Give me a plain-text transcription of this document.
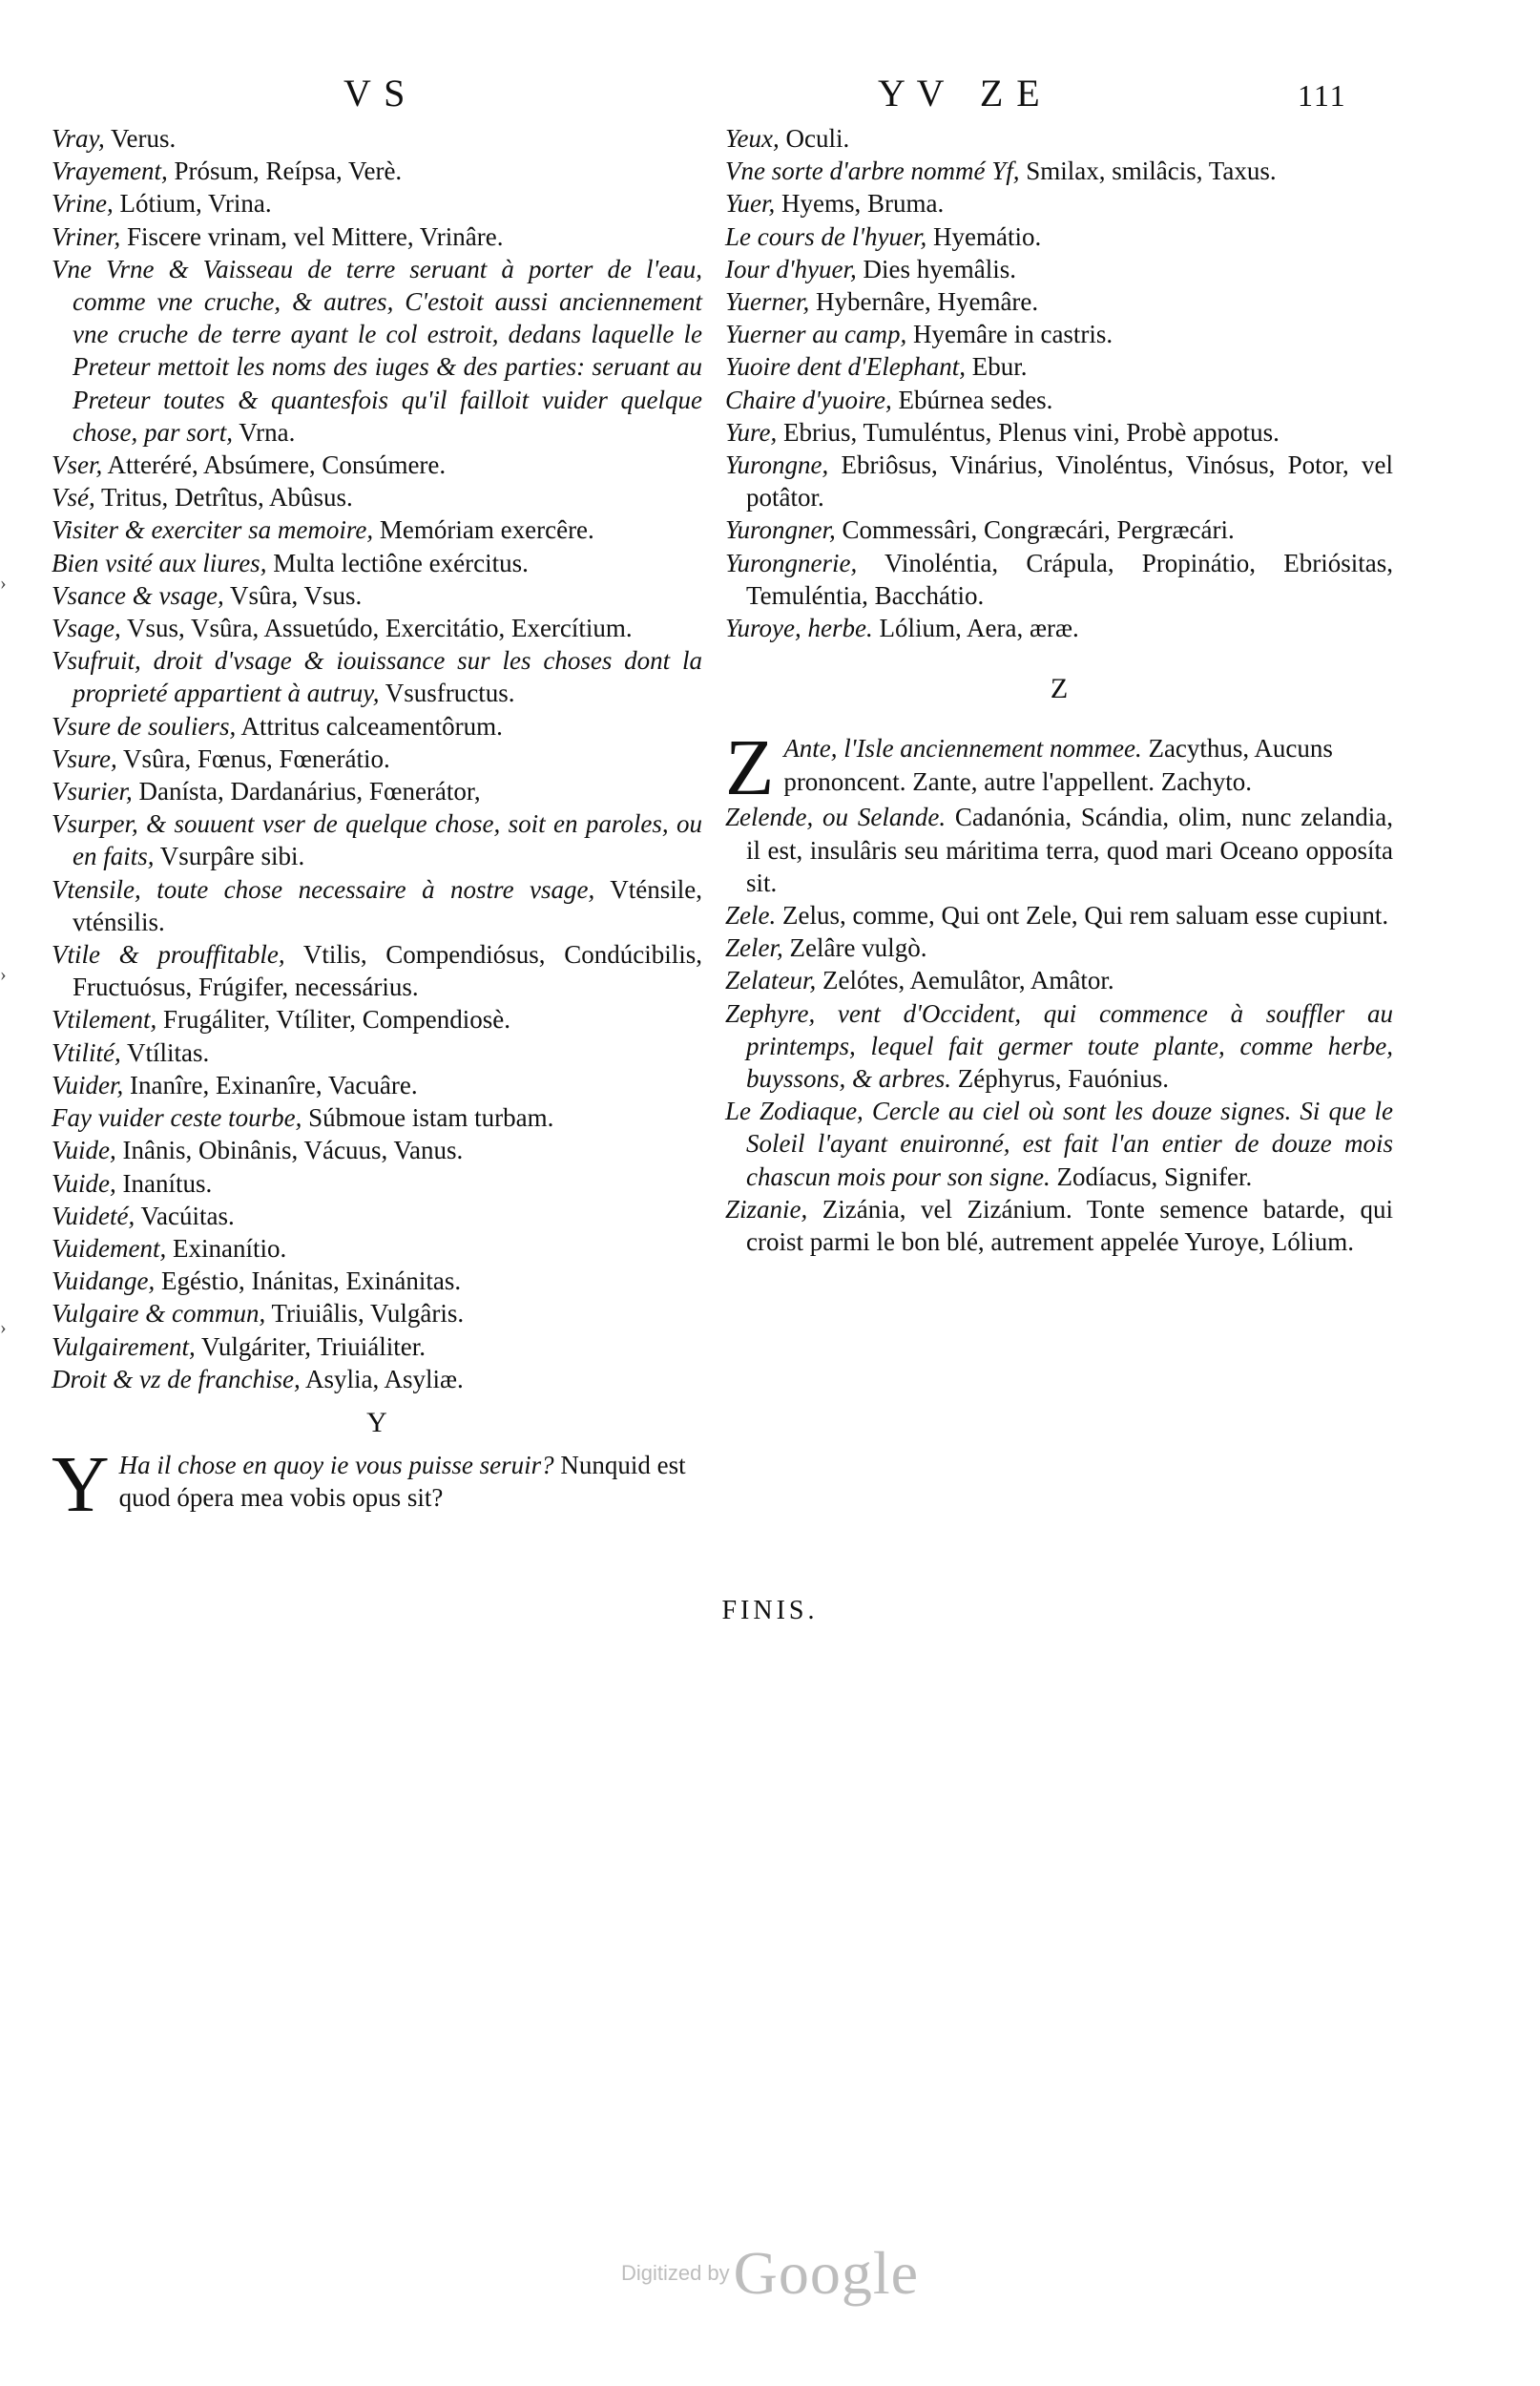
V S	Y V   Z E	111
›
›
›

Vray, Verus.

Vrayement, Prósum, Reípsa, Verè.

Vrine, Lótium, Vrina.

Vriner, Fiscere vrinam, vel Mittere, Vrinâre.

Vne Vrne & Vaisseau de terre seruant à porter de l'eau, comme vne cruche, & autres, C'estoit aussi anciennement vne cruche de terre ayant le col estroit, dedans laquelle le Preteur mettoit les noms des iuges & des parties: seruant au Preteur toutes & quantesfois qu'il failloit vuider quelque chose, par sort, Vrna.

Vser, Atteréré, Absúmere, Consúmere.

Vsé, Tritus, Detrîtus, Abûsus.

Visiter & exerciter sa memoire, Memóriam exercêre.

Bien vsité aux liures, Multa lectiône exércitus.

Vsance & vsage, Vsûra, Vsus.

Vsage, Vsus, Vsûra, Assuetúdo, Exercitátio, Exercítium.

Vsufruit, droit d'vsage & iouissance sur les choses dont la proprieté appartient à autruy, Vsusfructus.

Vsure de souliers, Attritus calceamentôrum.

Vsure, Vsûra, Fœnus, Fœnerátio.

Vsurier, Danísta, Dardanárius, Fœnerátor,

Vsurper, & souuent vser de quelque chose, soit en paroles, ou en faits, Vsurpâre sibi.

Vtensile, toute chose necessaire à nostre vsage, Vténsile, vténsilis.

Vtile & prouffitable, Vtilis, Compendiósus, Condúcibilis, Fructuósus, Frúgifer, necessárius.

Vtilement, Frugáliter, Vtíliter, Compendiosè.

Vtilité, Vtílitas.

Vuider, Inanîre, Exinanîre, Vacuâre.

Fay vuider ceste tourbe, Súbmoue istam turbam.

Vuide, Inânis, Obinânis, Vácuus, Vanus.

Vuide, Inanítus.

Vuideté, Vacúitas.

Vuidement, Exinanítio.

Vuidange, Egéstio, Inánitas, Exinánitas.

Vulgaire & commun, Triuiâlis, Vulgâris.

Vulgairement, Vulgáriter, Triuiáliter.

Droit & vz de franchise, Asylia, Asyliæ.

Y
Y Ha il chose en quoy ie vous puisse seruir? Nunquid est quod ópera mea vobis opus sit?

Yeux, Oculi.

Vne sorte d'arbre nommé Yf, Smilax, smilâcis, Taxus.

Yuer, Hyems, Bruma.

Le cours de l'hyuer, Hyemátio.

Iour d'hyuer, Dies hyemâlis.

Yuerner, Hybernâre, Hyemâre.

Yuerner au camp, Hyemâre in castris.

Yuoire dent d'Elephant, Ebur.

Chaire d'yuoire, Ebúrnea sedes.

Yure, Ebrius, Tumuléntus, Plenus vini, Probè appotus.

Yurongne, Ebriôsus, Vinárius, Vinoléntus, Vinósus, Potor, vel potâtor.

Yurongner, Commessâri, Congræcári, Pergræcári.

Yurongnerie, Vinoléntia, Crápula, Propinátio, Ebriósitas, Temuléntia, Bacchátio.

Yuroye, herbe. Lólium, Aera, æræ.

Z
Z Ante, l'Isle anciennement nommee. Zacythus, Aucuns prononcent. Zante, autre l'appellent. Zachyto.

Zelende, ou Selande. Cadanónia, Scándia, olim, nunc zelandia, il est, insulâris seu máritima terra, quod mari Oceano opposíta sit.

Zele. Zelus, comme, Qui ont Zele, Qui rem saluam esse cupiunt.

Zeler, Zelâre vulgò.

Zelateur, Zelótes, Aemulâtor, Amâtor.

Zephyre, vent d'Occident, qui commence à souffler au printemps, lequel fait germer toute plante, comme herbe, buyssons, & arbres. Zéphyrus, Fauónius.

Le Zodiaque, Cercle au ciel où sont les douze signes. Si que le Soleil l'ayant enuironné, est fait l'an entier de douze mois chascun mois pour son signe. Zodíacus, Signifer.

Zizanie, Zizánia, vel Zizánium. Tonte semence batarde, qui croist parmi le bon blé, autrement appelée Yuroye, Lólium.

FINIS.
Digitized by Google
